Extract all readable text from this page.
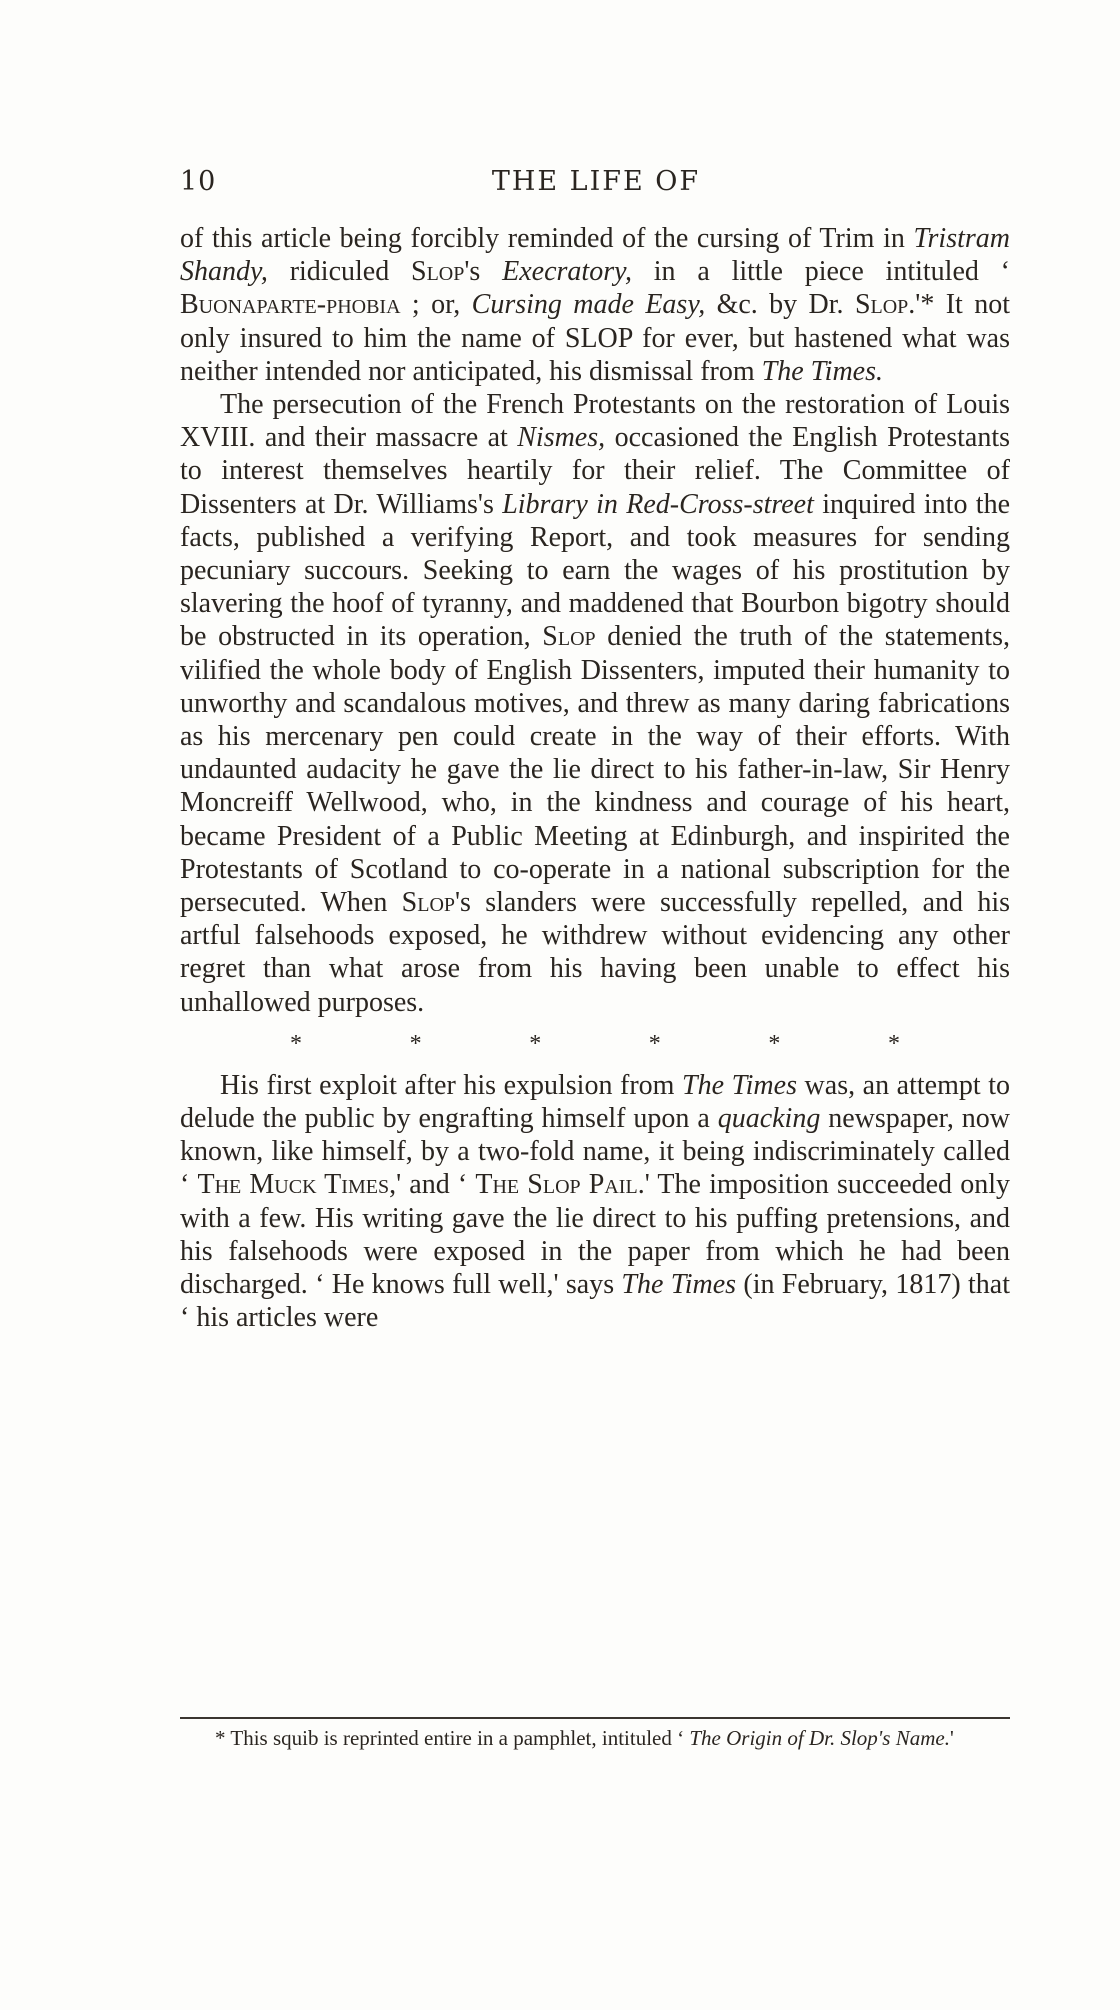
10	THE LIFE OF

of this article being forcibly reminded of the cursing of Trim in Tristram Shandy, ridiculed Slop's Execratory, in a little piece intituled ‘ Buonaparte-phobia ; or, Cursing made Easy, &c. by Dr. Slop.'* It not only insured to him the name of SLOP for ever, but hastened what was neither intended nor anticipated, his dismissal from The Times.

The persecution of the French Protestants on the restoration of Louis XVIII. and their massacre at Nismes, occasioned the English Protestants to interest themselves heartily for their relief. The Committee of Dissenters at Dr. Williams's Library in Red-Cross-street inquired into the facts, published a verifying Report, and took measures for sending pecuniary succours. Seeking to earn the wages of his prostitution by slavering the hoof of tyranny, and maddened that Bourbon bigotry should be obstructed in its operation, Slop denied the truth of the statements, vilified the whole body of English Dissenters, imputed their humanity to unworthy and scandalous motives, and threw as many daring fabrications as his mercenary pen could create in the way of their efforts. With undaunted audacity he gave the lie direct to his father-in-law, Sir Henry Moncreiff Wellwood, who, in the kindness and courage of his heart, became President of a Public Meeting at Edinburgh, and inspirited the Protestants of Scotland to co-operate in a national subscription for the persecuted. When Slop's slanders were successfully repelled, and his artful falsehoods exposed, he withdrew without evidencing any other regret than what arose from his having been unable to effect his unhallowed purposes.

*	*	*	*	*	*

His first exploit after his expulsion from The Times was, an attempt to delude the public by engrafting himself upon a quacking newspaper, now known, like himself, by a two-fold name, it being indiscriminately called ‘ The Muck Times,' and ‘ The Slop Pail.' The imposition succeeded only with a few. His writing gave the lie direct to his puffing pretensions, and his falsehoods were exposed in the paper from which he had been discharged. ‘ He knows full well,' says The Times (in February, 1817) that ‘ his articles were

* This squib is reprinted entire in a pamphlet, intituled ‘ The Origin of Dr. Slop's Name.'
